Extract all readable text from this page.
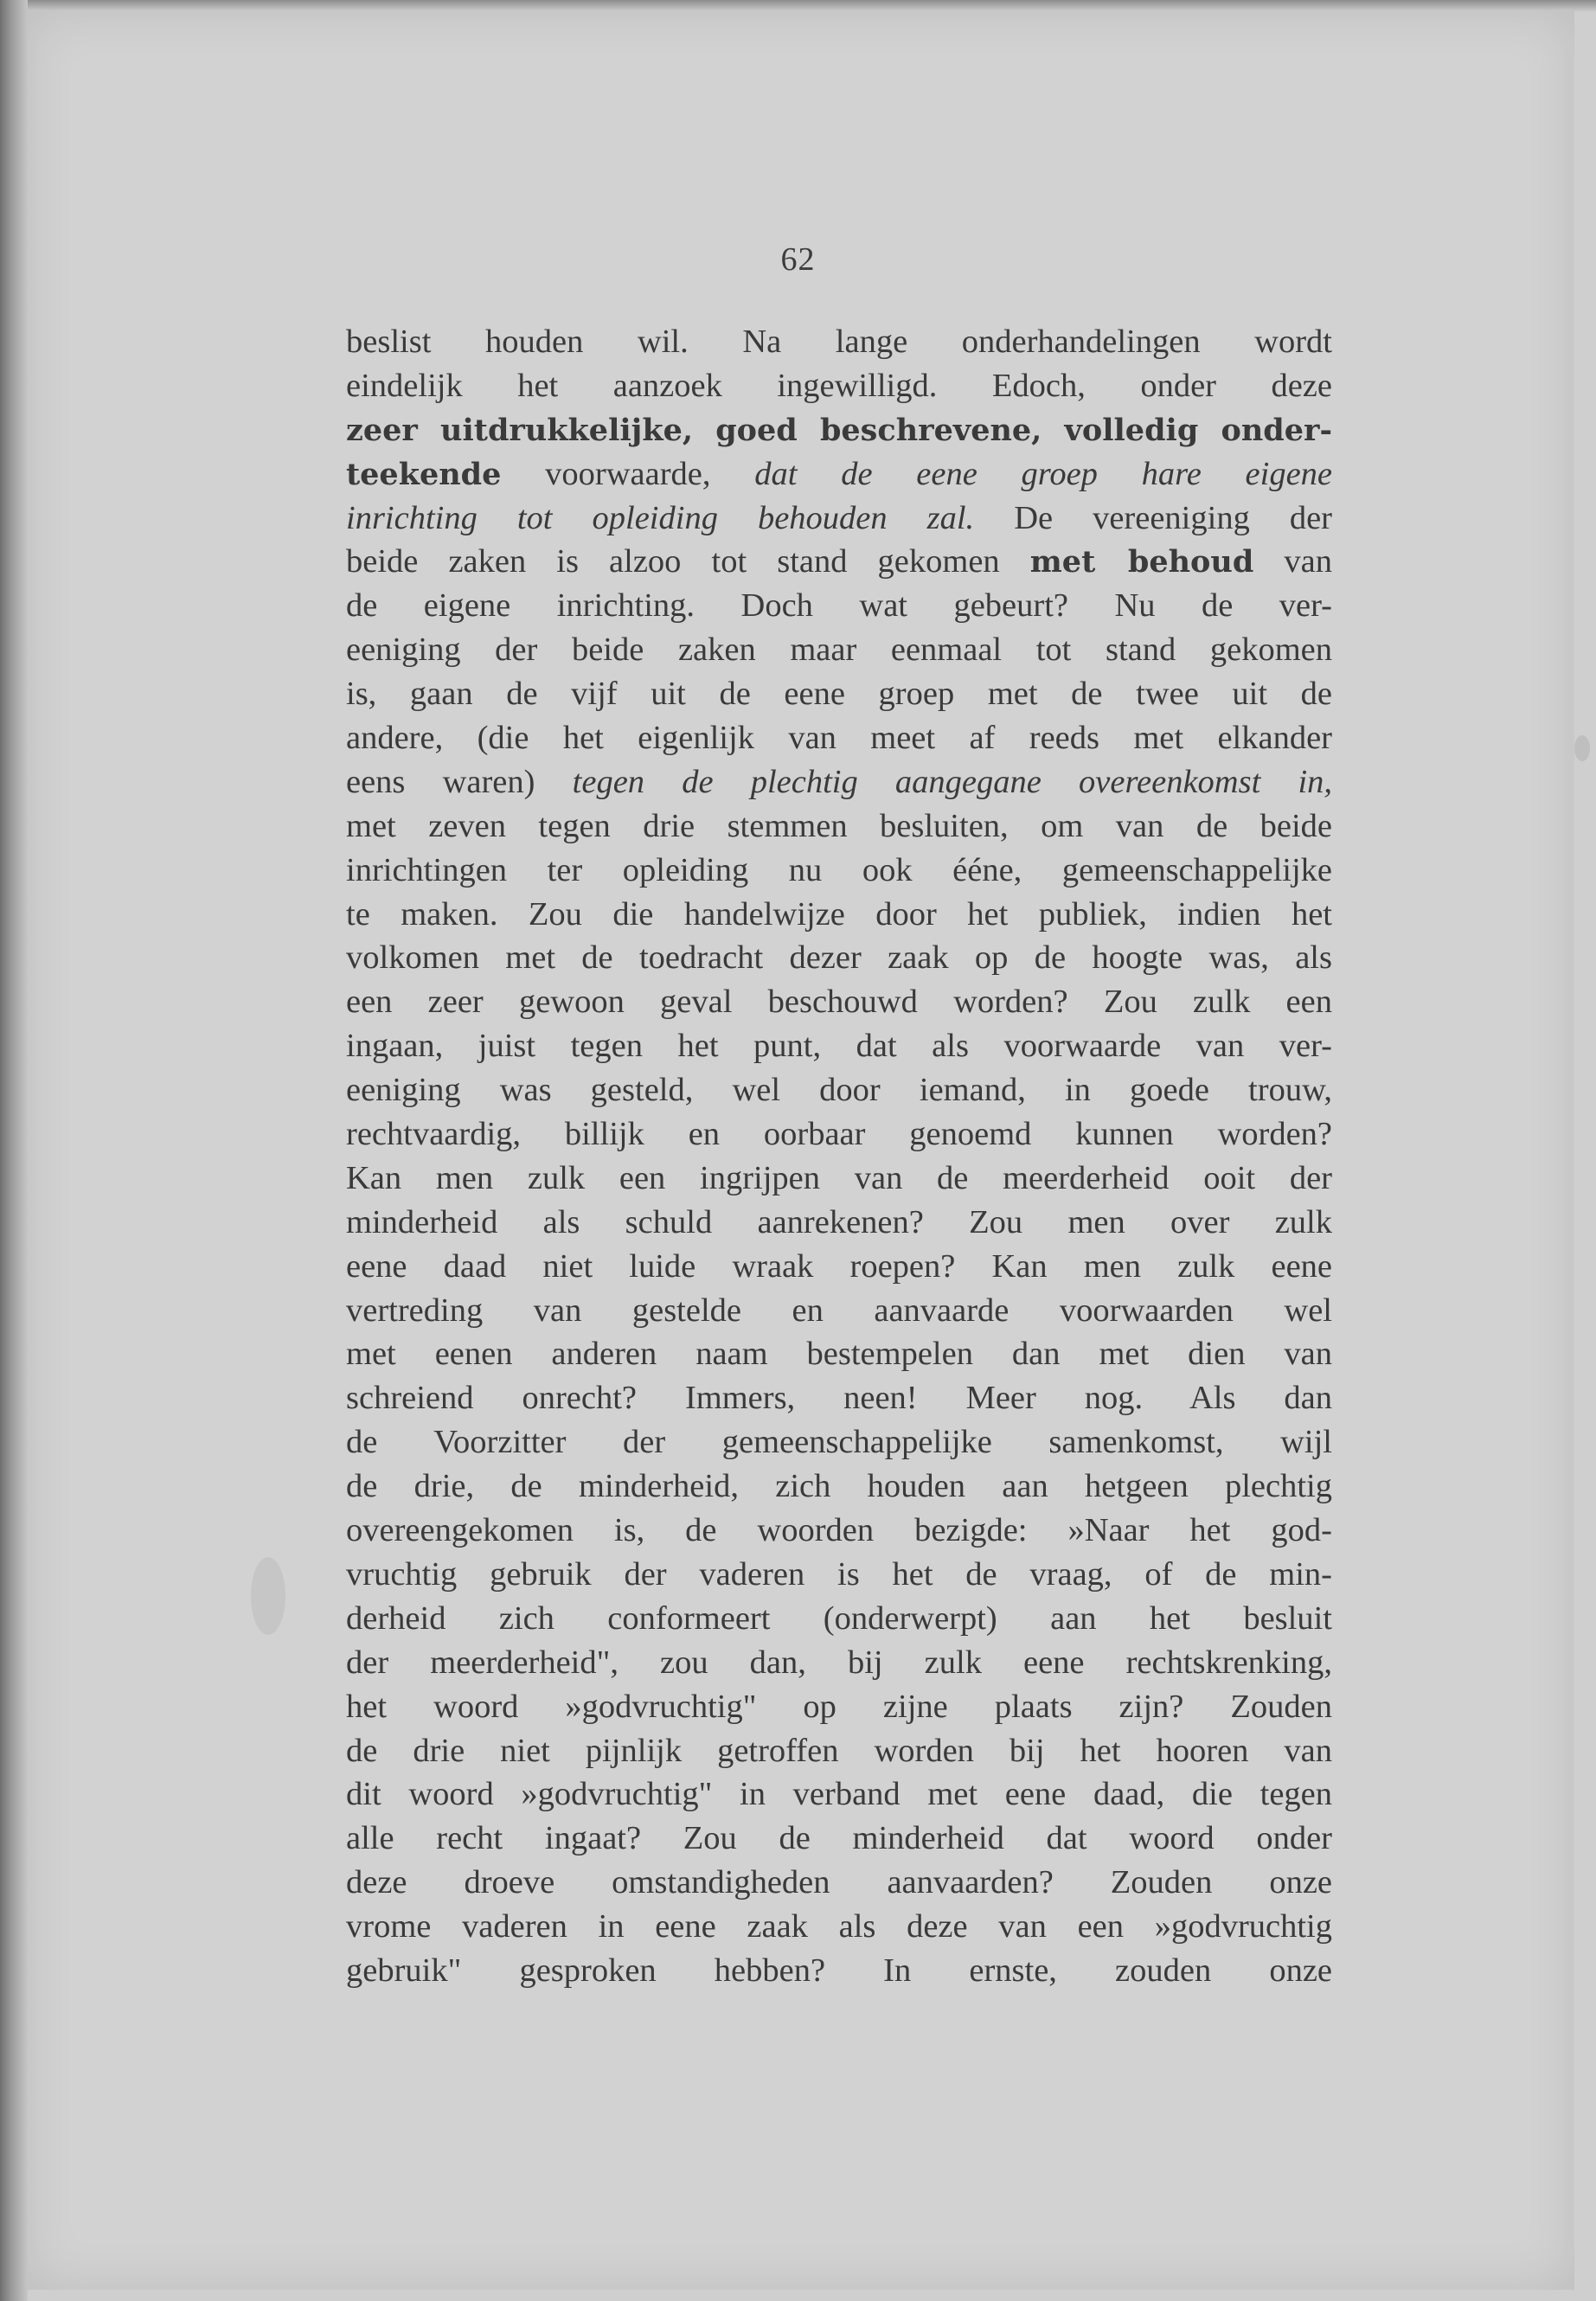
62
beslist houden wil. Na lange onderhandelingen wordt
eindelijk het aanzoek ingewilligd. Edoch, onder deze
zeer uitdrukkelijke, goed beschrevene, volledig onder-
teekende voorwaarde, dat de eene groep hare eigene
inrichting tot opleiding behouden zal. De vereeniging der
beide zaken is alzoo tot stand gekomen met behoud van
de eigene inrichting. Doch wat gebeurt? Nu de ver-
eeniging der beide zaken maar eenmaal tot stand gekomen
is, gaan de vijf uit de eene groep met de twee uit de
andere, (die het eigenlijk van meet af reeds met elkander
eens waren) tegen de plechtig aangegane overeenkomst in,
met zeven tegen drie stemmen besluiten, om van de beide
inrichtingen ter opleiding nu ook ééne, gemeenschappelijke
te maken. Zou die handelwijze door het publiek, indien het
volkomen met de toedracht dezer zaak op de hoogte was, als
een zeer gewoon geval beschouwd worden? Zou zulk een
ingaan, juist tegen het punt, dat als voorwaarde van ver-
eeniging was gesteld, wel door iemand, in goede trouw,
rechtvaardig, billijk en oorbaar genoemd kunnen worden?
Kan men zulk een ingrijpen van de meerderheid ooit der
minderheid als schuld aanrekenen? Zou men over zulk
eene daad niet luide wraak roepen? Kan men zulk eene
vertreding van gestelde en aanvaarde voorwaarden wel
met eenen anderen naam bestempelen dan met dien van
schreiend onrecht? Immers, neen! Meer nog. Als dan
de Voorzitter der gemeenschappelijke samenkomst, wijl
de drie, de minderheid, zich houden aan hetgeen plechtig
overeengekomen is, de woorden bezigde: »Naar het god-
vruchtig gebruik der vaderen is het de vraag, of de min-
derheid zich conformeert (onderwerpt) aan het besluit
der meerderheid", zou dan, bij zulk eene rechtskrenking,
het woord »godvruchtig" op zijne plaats zijn? Zouden
de drie niet pijnlijk getroffen worden bij het hooren van
dit woord »godvruchtig" in verband met eene daad, die tegen
alle recht ingaat? Zou de minderheid dat woord onder
deze droeve omstandigheden aanvaarden? Zouden onze
vrome vaderen in eene zaak als deze van een »godvruchtig
gebruik" gesproken hebben? In ernste, zouden onze
